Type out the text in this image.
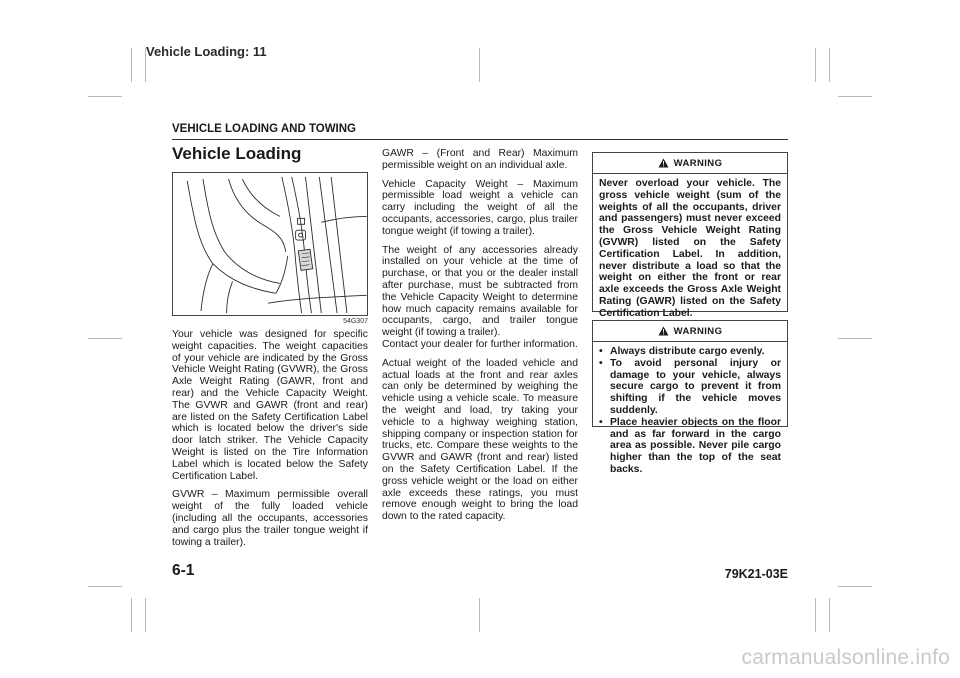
Vehicle Loading: 11
VEHICLE LOADING AND TOWING
Vehicle Loading
54G307

Your vehicle was designed for specific weight capacities. The weight capacities of your vehicle are indicated by the Gross Vehicle Weight Rating (GVWR), the Gross Axle Weight Rating (GAWR, front and rear) and the Vehicle Capacity Weight. The GVWR and GAWR (front and rear) are listed on the Safety Certification Label which is located below the driver's side door latch striker. The Vehicle Capacity Weight is listed on the Tire Information Label which is located below the Safety Certification Label.

GVWR – Maximum permissible overall weight of the fully loaded vehicle (including all the occupants, accessories and cargo plus the trailer tongue weight if towing a trailer).

GAWR – (Front and Rear) Maximum permissible weight on an individual axle.

Vehicle Capacity Weight – Maximum permissible load weight a vehicle can carry including the weight of all the occupants, accessories, cargo, plus trailer tongue weight (if towing a trailer).

The weight of any accessories already installed on your vehicle at the time of purchase, or that you or the dealer install after purchase, must be subtracted from the Vehicle Capacity Weight to determine how much capacity remains available for occupants, cargo, and trailer tongue weight (if towing a trailer).

Contact your dealer for further information.

Actual weight of the loaded vehicle and actual loads at the front and rear axles can only be determined by weighing the vehicle using a vehicle scale. To measure the weight and load, try taking your vehicle to a highway weighing station, shipping company or inspection station for trucks, etc. Compare these weights to the GVWR and GAWR (front and rear) listed on the Safety Certification Label. If the gross vehicle weight or the load on either axle exceeds these ratings, you must remove enough weight to bring the load down to the rated capacity.

WARNING
Never overload your vehicle. The gross vehicle weight (sum of the weights of all the occupants, driver and passengers) must never exceed the Gross Vehicle Weight Rating (GVWR) listed on the Safety Certification Label. In addition, never distribute a load so that the weight on either the front or rear axle exceeds the Gross Axle Weight Rating (GAWR) listed on the Safety Certification Label.
WARNING
• Always distribute cargo evenly.
• To avoid personal injury or damage to your vehicle, always secure cargo to prevent it from shifting if the vehicle moves suddenly.
• Place heavier objects on the floor and as far forward in the cargo area as possible. Never pile cargo higher than the top of the seat backs.
6-1	79K21-03E
carmanualsonline.info
